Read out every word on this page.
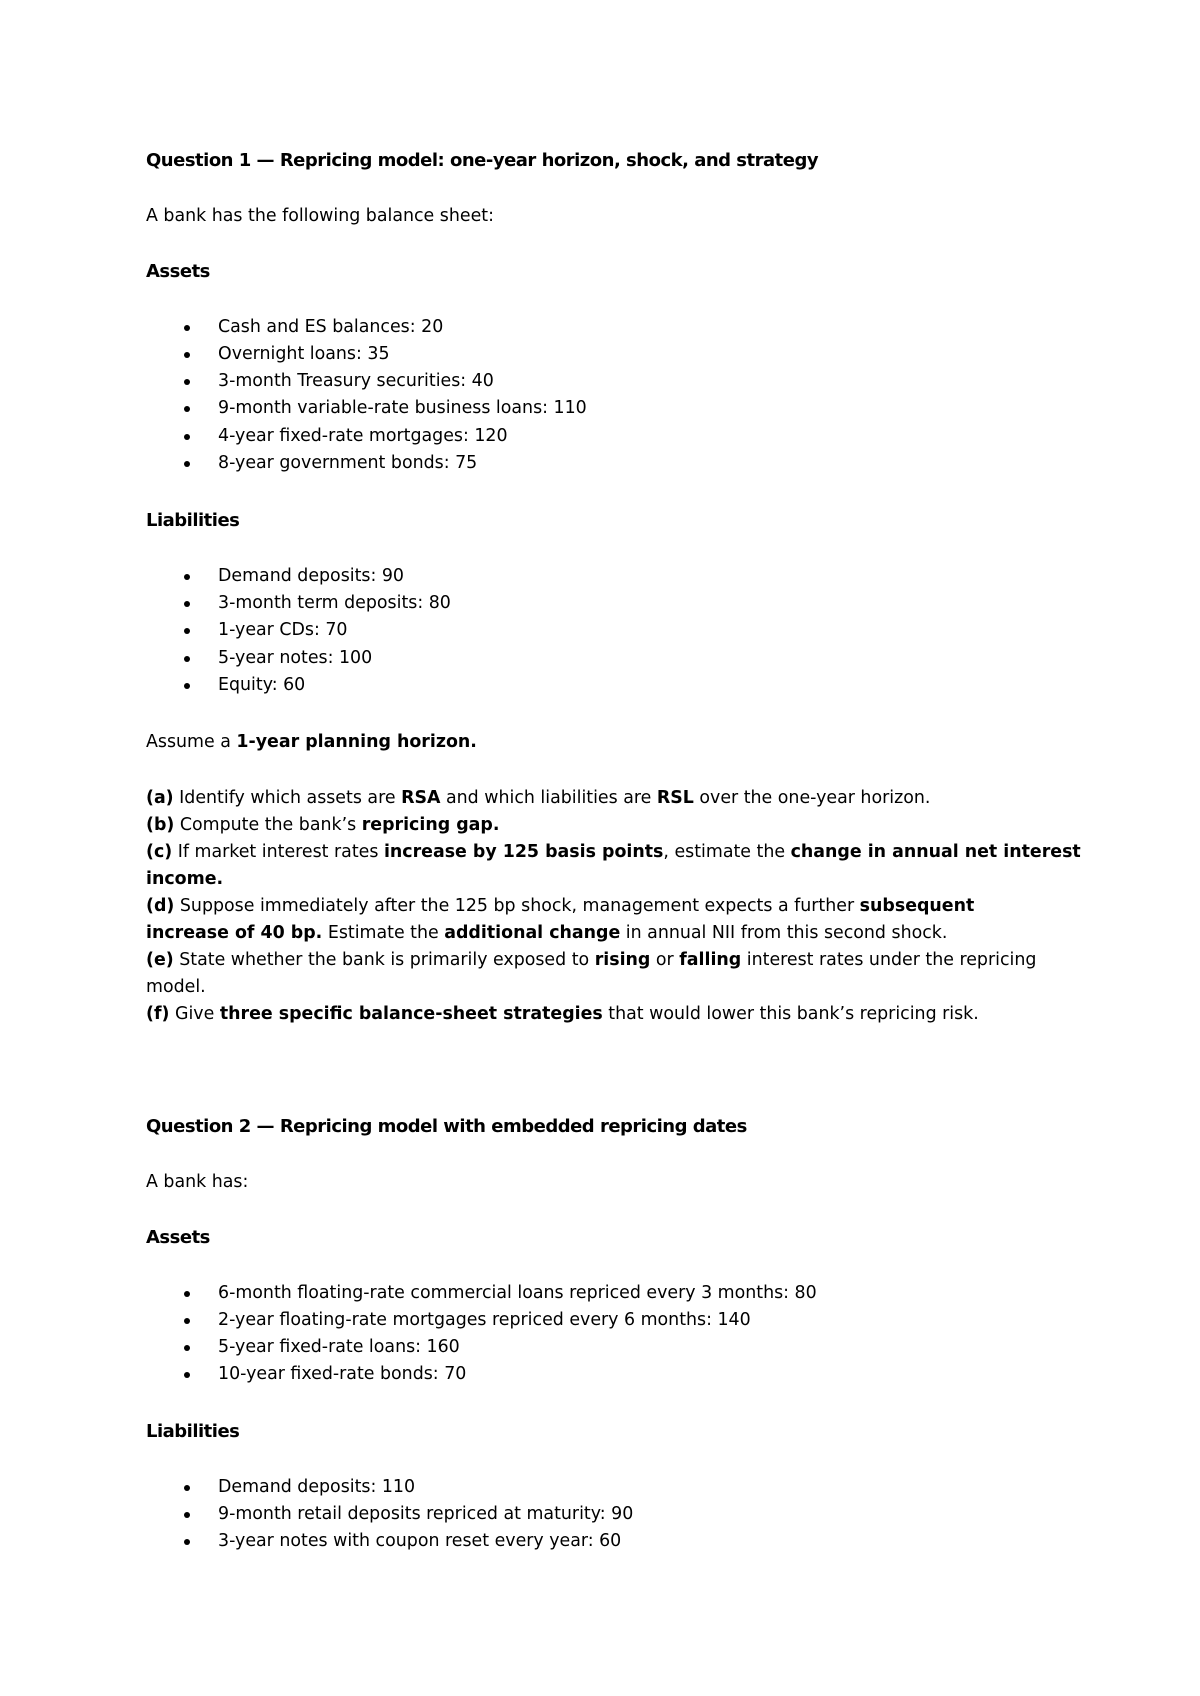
Question 1 — Repricing model: one-year horizon, shock, and strategy
A bank has the following balance sheet:
Assets
Cash and ES balances: 20
Overnight loans: 35
3-month Treasury securities: 40
9-month variable-rate business loans: 110
4-year fixed-rate mortgages: 120
8-year government bonds: 75
Liabilities
Demand deposits: 90
3-month term deposits: 80
1-year CDs: 70
5-year notes: 100
Equity: 60
Assume a 1-year planning horizon.
(a) Identify which assets are RSA and which liabilities are RSL over the one-year horizon.
(b) Compute the bank’s repricing gap.
(c) If market interest rates increase by 125 basis points, estimate the change in annual net interest
income.
(d) Suppose immediately after the 125 bp shock, management expects a further subsequent
increase of 40 bp. Estimate the additional change in annual NII from this second shock.
(e) State whether the bank is primarily exposed to rising or falling interest rates under the repricing
model.
(f) Give three specific balance-sheet strategies that would lower this bank’s repricing risk.
Question 2 — Repricing model with embedded repricing dates
A bank has:
Assets
6-month floating-rate commercial loans repriced every 3 months: 80
2-year floating-rate mortgages repriced every 6 months: 140
5-year fixed-rate loans: 160
10-year fixed-rate bonds: 70
Liabilities
Demand deposits: 110
9-month retail deposits repriced at maturity: 90
3-year notes with coupon reset every year: 60
